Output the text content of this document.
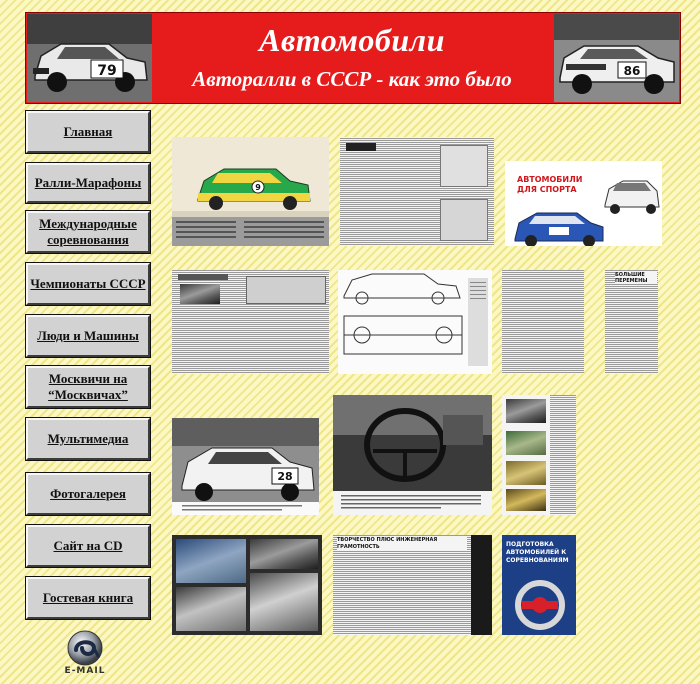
79
Автомобили
Авторалли в СССР - как это было	86
Главная
Ралли-Марафоны
Международные соревнования
Чемпионаты СССР
Люди и Машины
Москвичи на “Москвичах”
Мультимедиа
Фотогалерея
Сайт на CD
Гостевая книга
E-MAIL
9
АВТОМОБИЛИ ДЛЯ СПОРТА
БОЛЬШИЕ ПЕРЕМЕНЫ
28
ТВОРЧЕСТВО ПЛЮС ИНЖЕНЕРНАЯ ГРАМОТНОСТЬ	ПОДГОТОВКА АВТОМОБИЛЕЙ К СОРЕВНОВАНИЯМ
